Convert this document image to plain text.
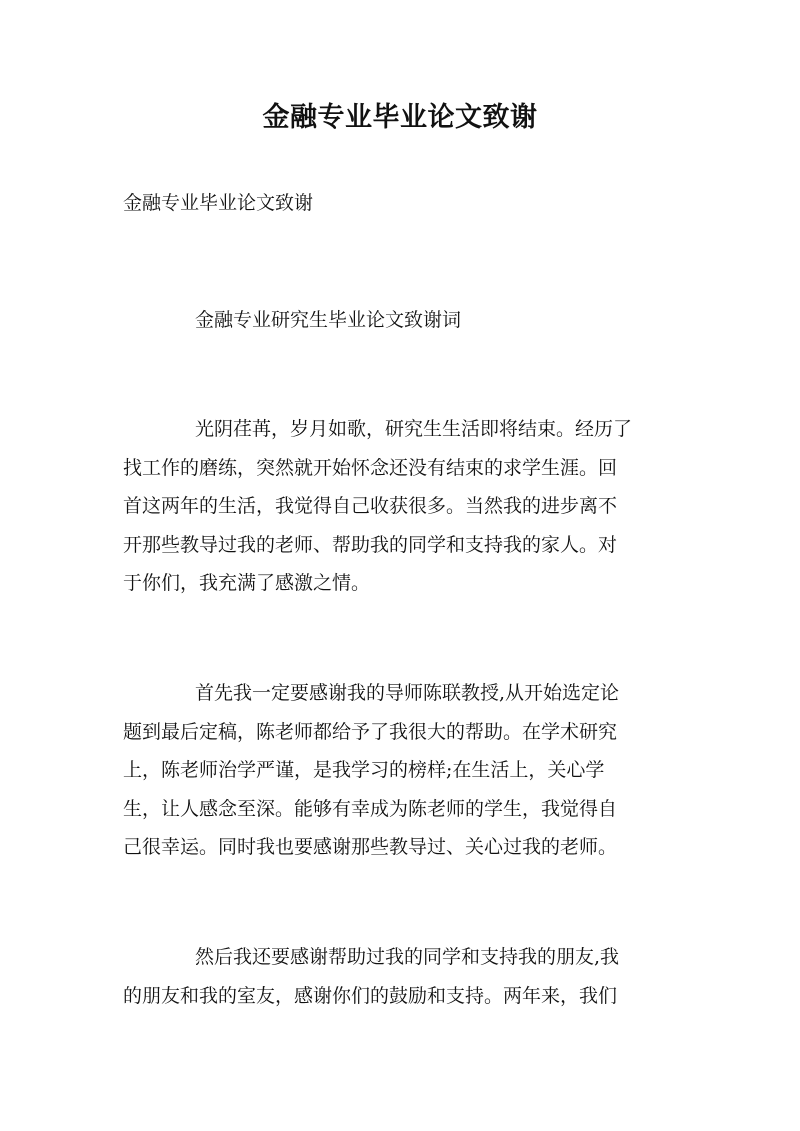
金融专业毕业论文致谢

金融专业毕业论文致谢

金融专业研究生毕业论文致谢词

光阴荏苒，岁月如歌，研究生生活即将结束。经历了
找工作的磨练，突然就开始怀念还没有结束的求学生涯。回
首这两年的生活，我觉得自己收获很多。当然我的进步离不
开那些教导过我的老师、帮助我的同学和支持我的家人。对
于你们，我充满了感激之情。
首先我一定要感谢我的导师陈联教授,从开始选定论
题到最后定稿，陈老师都给予了我很大的帮助。在学术研究
上，陈老师治学严谨，是我学习的榜样;在生活上，关心学
生，让人感念至深。能够有幸成为陈老师的学生，我觉得自
己很幸运。同时我也要感谢那些教导过、关心过我的老师。
然后我还要感谢帮助过我的同学和支持我的朋友,我
的朋友和我的室友，感谢你们的鼓励和支持。两年来，我们
